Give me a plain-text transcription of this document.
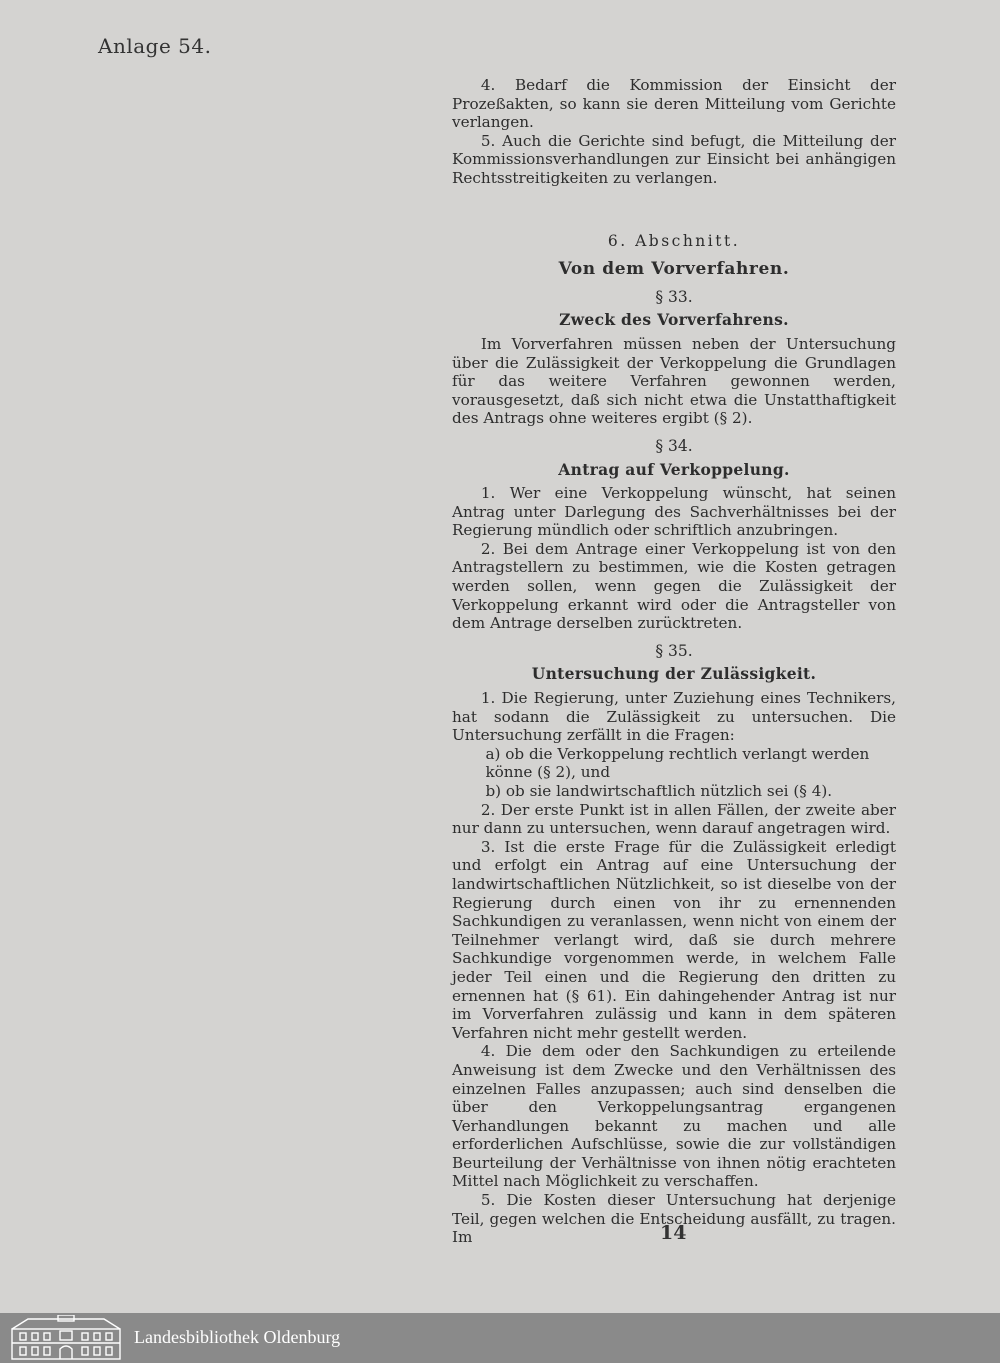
Anlage 54.

4. Bedarf die Kommission der Einsicht der Prozeßakten, so kann sie deren Mitteilung vom Gerichte verlangen.

5. Auch die Gerichte sind befugt, die Mitteilung der Kommissionsverhandlungen zur Einsicht bei anhängigen Rechtsstreitigkeiten zu verlangen.

6. Abschnitt.
Von dem Vorverfahren.
§ 33.
Zweck des Vorverfahrens.

Im Vorverfahren müssen neben der Untersuchung über die Zulässigkeit der Verkoppelung die Grundlagen für das weitere Verfahren gewonnen werden, vorausgesetzt, daß sich nicht etwa die Unstatthaftigkeit des Antrags ohne weiteres ergibt (§ 2).

§ 34.
Antrag auf Verkoppelung.

1. Wer eine Verkoppelung wünscht, hat seinen Antrag unter Darlegung des Sachverhältnisses bei der Regierung mündlich oder schriftlich anzubringen.

2. Bei dem Antrage einer Verkoppelung ist von den Antragstellern zu bestimmen, wie die Kosten getragen werden sollen, wenn gegen die Zulässigkeit der Verkoppelung erkannt wird oder die Antragsteller von dem Antrage derselben zurücktreten.

§ 35.
Untersuchung der Zulässigkeit.

1. Die Regierung, unter Zuziehung eines Technikers, hat sodann die Zulässigkeit zu untersuchen. Die Untersuchung zerfällt in die Fragen:

a) ob die Verkoppelung rechtlich verlangt werden könne (§ 2), und

b) ob sie landwirtschaftlich nützlich sei (§ 4).

2. Der erste Punkt ist in allen Fällen, der zweite aber nur dann zu untersuchen, wenn darauf angetragen wird.

3. Ist die erste Frage für die Zulässigkeit erledigt und erfolgt ein Antrag auf eine Untersuchung der landwirtschaftlichen Nützlichkeit, so ist dieselbe von der Regierung durch einen von ihr zu ernennenden Sachkundigen zu veranlassen, wenn nicht von einem der Teilnehmer verlangt wird, daß sie durch mehrere Sachkundige vorgenommen werde, in welchem Falle jeder Teil einen und die Regierung den dritten zu ernennen hat (§ 61). Ein dahingehender Antrag ist nur im Vorverfahren zulässig und kann in dem späteren Verfahren nicht mehr gestellt werden.

4. Die dem oder den Sachkundigen zu erteilende Anweisung ist dem Zwecke und den Verhältnissen des einzelnen Falles anzupassen; auch sind denselben die über den Verkoppelungsantrag ergangenen Verhandlungen bekannt zu machen und alle erforderlichen Aufschlüsse, sowie die zur vollständigen Beurteilung der Verhältnisse von ihnen nötig erachteten Mittel nach Möglichkeit zu verschaffen.

5. Die Kosten dieser Untersuchung hat derjenige Teil, gegen welchen die Entscheidung ausfällt, zu tragen. Im	14
Landesbibliothek Oldenburg
